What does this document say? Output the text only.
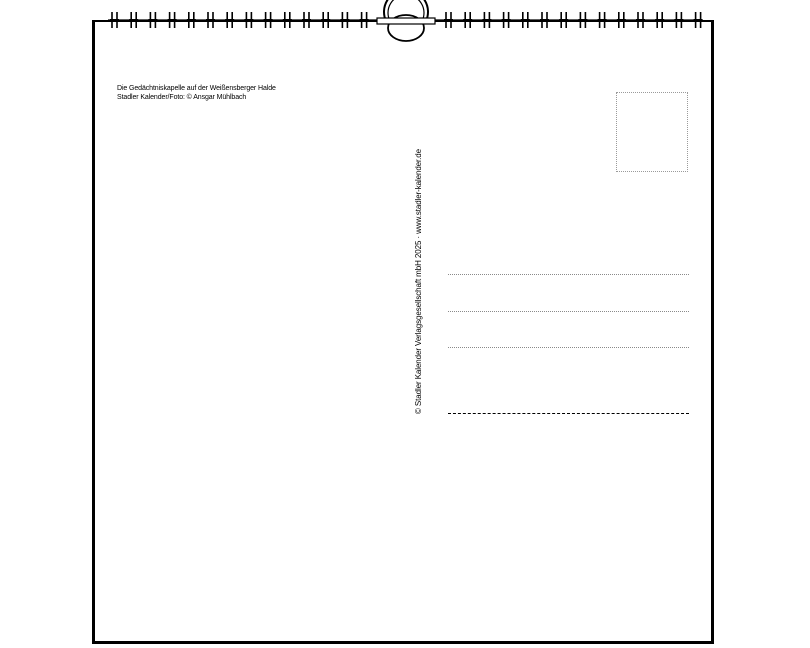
Die Gedächtniskapelle auf der Weißensberger Halde
Stadler Kalender/Foto: © Ansgar Mühlbach
© Stadler Kalender Verlagsgesellschaft mbH 2025 · www.stadler-kalender.de
